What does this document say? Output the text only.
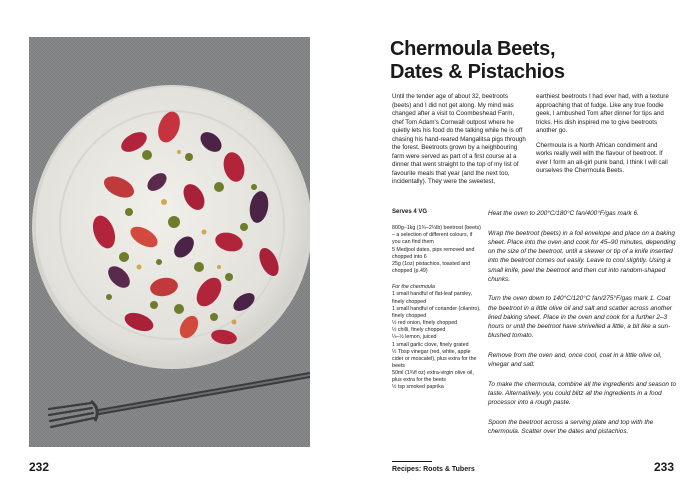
232
Chermoula Beets,
Dates & Pistachios

Until the tender age of about 32, beetroots (beets) and I did not get along. My mind was changed after a visit to Coombeshead Farm, chef Tom Adam's Cornwall outpost where he quietly lets his food do the talking while he is off chasing his hand-reared Mangalitsa pigs through the forest. Beetroots grown by a neighbouring farm were served as part of a first course at a dinner that went straight to the top of my list of favourite meals that year (and the next too, incidentally). They were the sweetest,

earthiest beetroots I had ever had, with a texture approaching that of fudge. Like any true foodie geek, I ambushed Tom after dinner for tips and tricks. His dish inspired me to give beetroots another go.

Chermoula is a North African condiment and works really well with the flavour of beetroot. If ever I form an all-girl punk band, I think I will call ourselves the Chermoula Beets.

Serves 4 VG

800g–1kg (1¾–2¼lb) beetroot (beets) – a selection of different colours, if you can find them

5 Medjool dates, pips removed and chopped into 6

25g (1oz) pistachios, toasted and chopped (p.49)

For the chermoula

1 small handful of flat-leaf parsley, finely chopped

1 small handful of coriander (cilantro), finely chopped

½ red onion, finely chopped

½ chilli, finely chopped

¼–½ lemon, juiced

1 small garlic clove, finely grated

½ Tbsp vinegar (red, white, apple cider or moscatel), plus extra for the beets

50ml (1¾fl oz) extra-virgin olive oil, plus extra for the beets

½ tsp smoked paprika

Heat the oven to 200°C/180°C fan/400°F/gas mark 6.

Wrap the beetroot (beets) in a foil envelope and place on a baking sheet. Place into the oven and cook for 45–90 minutes, depending on the size of the beetroot, until a skewer or tip of a knife inserted into the beetroot comes out easily. Leave to cool slightly. Using a small knife, peel the beetroot and then cut into random-shaped chunks.

Turn the oven down to 140°C/120°C fan/275°F/gas mark 1. Coat the beetroot in a little olive oil and salt and scatter across another lined baking sheet. Place in the oven and cook for a further 2–3 hours or until the beetroot have shrivelled a little, a bit like a sun-blushed tomato.

Remove from the oven and, once cool, coat in a little olive oil, vinegar and salt.

To make the chermoula, combine all the ingredients and season to taste. Alternatively, you could blitz all the ingredients in a food processor into a rough paste.

Spoon the beetroot across a serving plate and top with the chermoula. Scatter over the dates and pistachios.

Recipes: Roots & Tubers	233
